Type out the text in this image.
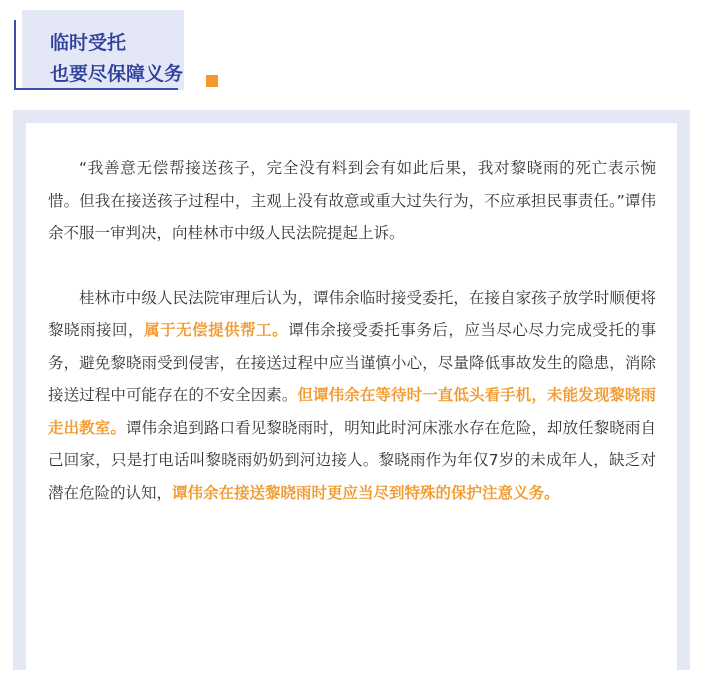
临时受托
也要尽保障义务

“我善意无偿帮接送孩子，完全没有料到会有如此后果，我对黎晓雨的死亡表示惋惜。但我在接送孩子过程中，主观上没有故意或重大过失行为，不应承担民事责任。”谭伟余不服一审判决，向桂林市中级人民法院提起上诉。

桂林市中级人民法院审理后认为，谭伟余临时接受委托，在接自家孩子放学时顺便将黎晓雨接回，属于无偿提供帮工。谭伟余接受委托事务后，应当尽心尽力完成受托的事务，避免黎晓雨受到侵害，在接送过程中应当谨慎小心，尽量降低事故发生的隐患，消除接送过程中可能存在的不安全因素。但谭伟余在等待时一直低头看手机，未能发现黎晓雨走出教室。谭伟余追到路口看见黎晓雨时，明知此时河床涨水存在危险，却放任黎晓雨自己回家，只是打电话叫黎晓雨奶奶到河边接人。黎晓雨作为年仅7岁的未成年人，缺乏对潜在危险的认知，谭伟余在接送黎晓雨时更应当尽到特殊的保护注意义务。
